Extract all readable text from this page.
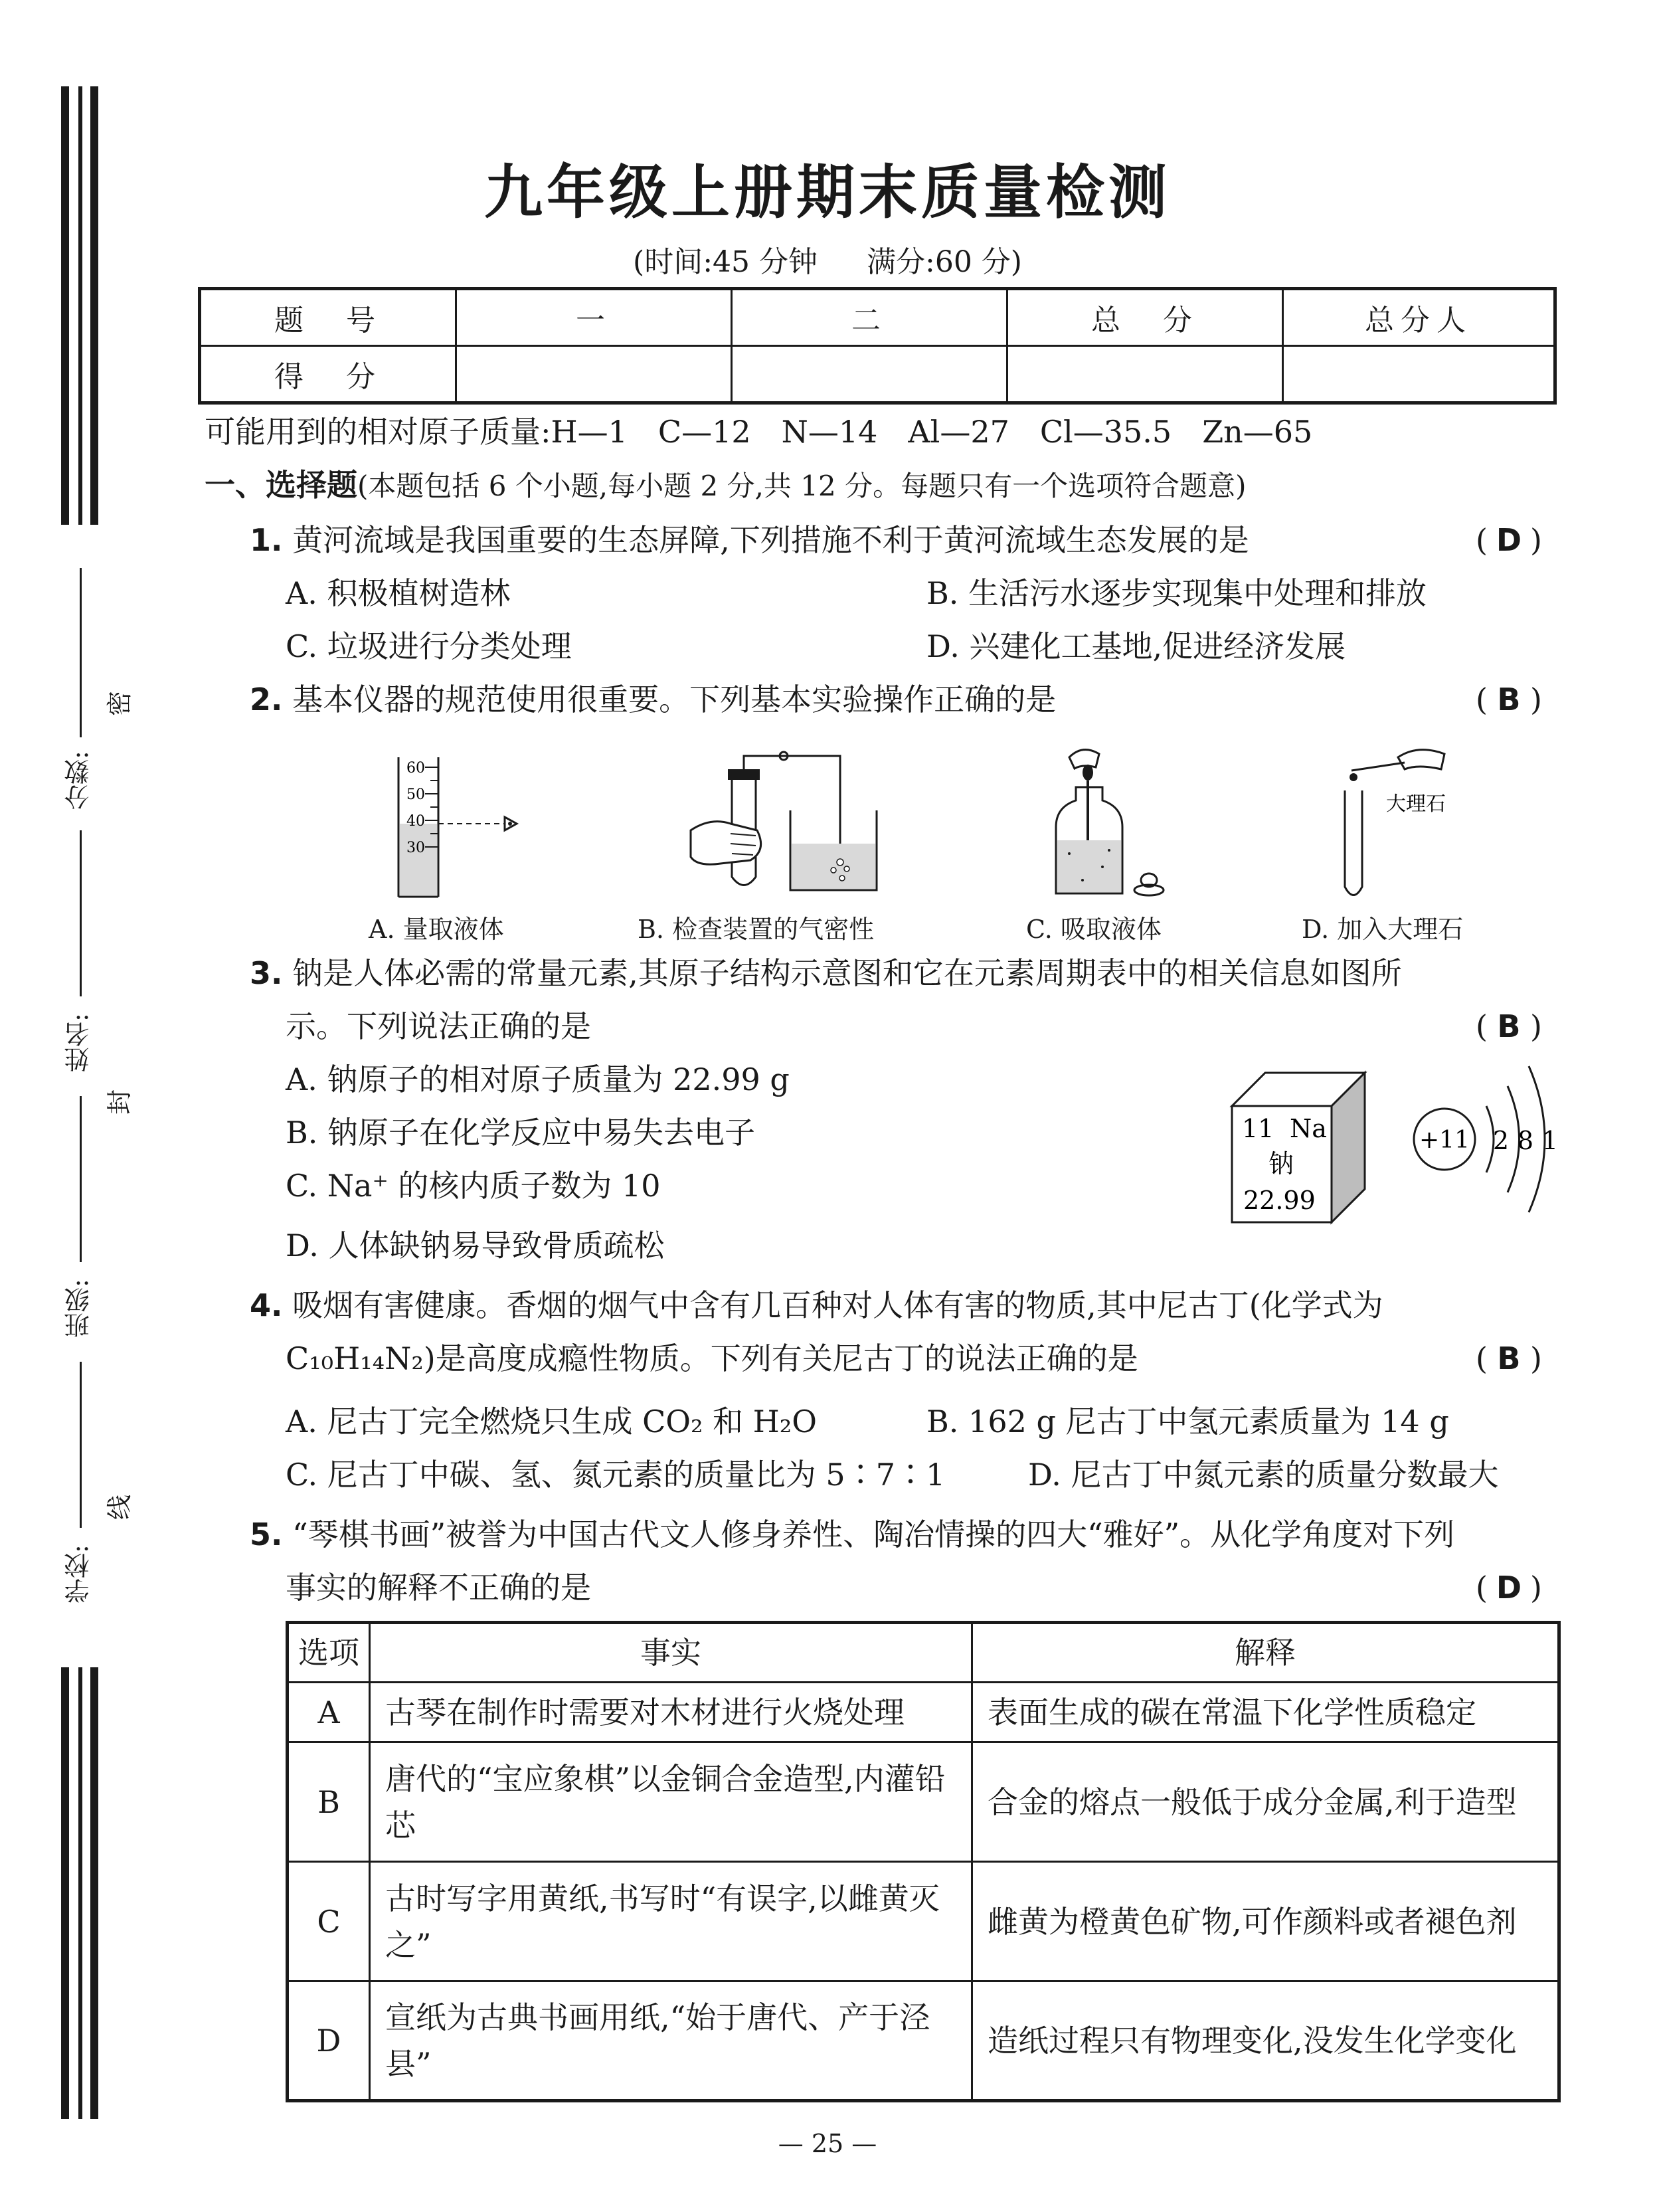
分数:
姓名:
班级:
学校:
密
封
线
九年级上册期末质量检测
(时间:45 分钟 满分:60 分)
题　号	一	二	总　分	总分人
得　分				
可能用到的相对原子质量:H—1　C—12　N—14　Al—27　Cl—35.5　Zn—65
一、选择题(本题包括 6 个小题,每小题 2 分,共 12 分。每题只有一个选项符合题意)
1. 黄河流域是我国重要的生态屏障,下列措施不利于黄河流域生态发展的是	( D )
A. 积极植树造林	B. 生活污水逐步实现集中处理和排放
C. 垃圾进行分类处理	D. 兴建化工基地,促进经济发展
2. 基本仪器的规范使用很重要。下列基本实验操作正确的是	( B )
60
50
40
30
大理石
A. 量取液体	B. 检查装置的气密性	C. 吸取液体	D. 加入大理石
3. 钠是人体必需的常量元素,其原子结构示意图和它在元素周期表中的相关信息如图所
示。下列说法正确的是	( B )
A. 钠原子的相对原子质量为 22.99 g
B. 钠原子在化学反应中易失去电子
C. Na⁺ 的核内质子数为 10
D. 人体缺钠易导致骨质疏松
11 Na
钠
22.99
+11 2 8 1
4. 吸烟有害健康。香烟的烟气中含有几百种对人体有害的物质,其中尼古丁(化学式为
C₁₀H₁₄N₂)是高度成瘾性物质。下列有关尼古丁的说法正确的是	( B )
A. 尼古丁完全燃烧只生成 CO₂ 和 H₂O	B. 162 g 尼古丁中氢元素质量为 14 g
C. 尼古丁中碳、氢、氮元素的质量比为 5∶7∶1	D. 尼古丁中氮元素的质量分数最大
5. “琴棋书画”被誉为中国古代文人修身养性、陶冶情操的四大“雅好”。从化学角度对下列
事实的解释不正确的是	( D )
选项	事实	解释
A	古琴在制作时需要对木材进行火烧处理	表面生成的碳在常温下化学性质稳定
B	唐代的“宝应象棋”以金铜合金造型,内灌铅芯	合金的熔点一般低于成分金属,利于造型
C	古时写字用黄纸,书写时“有误字,以雌黄灭之”	雌黄为橙黄色矿物,可作颜料或者褪色剂
D	宣纸为古典书画用纸,“始于唐代、产于泾县”	造纸过程只有物理变化,没发生化学变化
— 25 —
